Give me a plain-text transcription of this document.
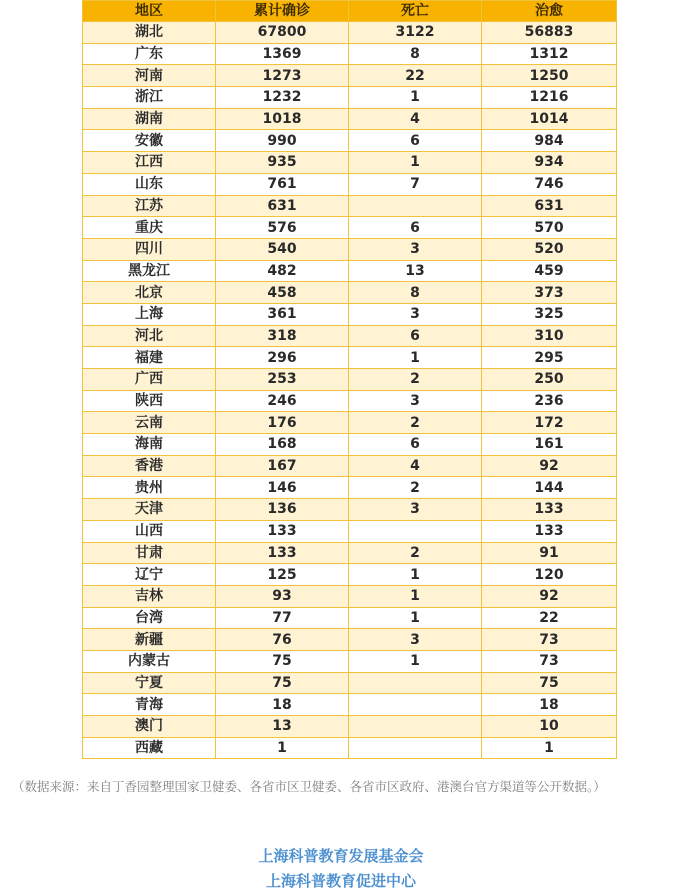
地区	累计确诊	死亡	治愈
湖北	67800	3122	56883
广东	1369	8	1312
河南	1273	22	1250
浙江	1232	1	1216
湖南	1018	4	1014
安徽	990	6	984
江西	935	1	934
山东	761	7	746
江苏	631		631
重庆	576	6	570
四川	540	3	520
黑龙江	482	13	459
北京	458	8	373
上海	361	3	325
河北	318	6	310
福建	296	1	295
广西	253	2	250
陕西	246	3	236
云南	176	2	172
海南	168	6	161
香港	167	4	92
贵州	146	2	144
天津	136	3	133
山西	133		133
甘肃	133	2	91
辽宁	125	1	120
吉林	93	1	92
台湾	77	1	22
新疆	76	3	73
内蒙古	75	1	73
宁夏	75		75
青海	18		18
澳门	13		10
西藏	1		1
（数据来源：来自丁香园整理国家卫健委、各省市区卫健委、各省市区政府、港澳台官方渠道等公开数据。）
上海科普教育发展基金会
上海科普教育促进中心
